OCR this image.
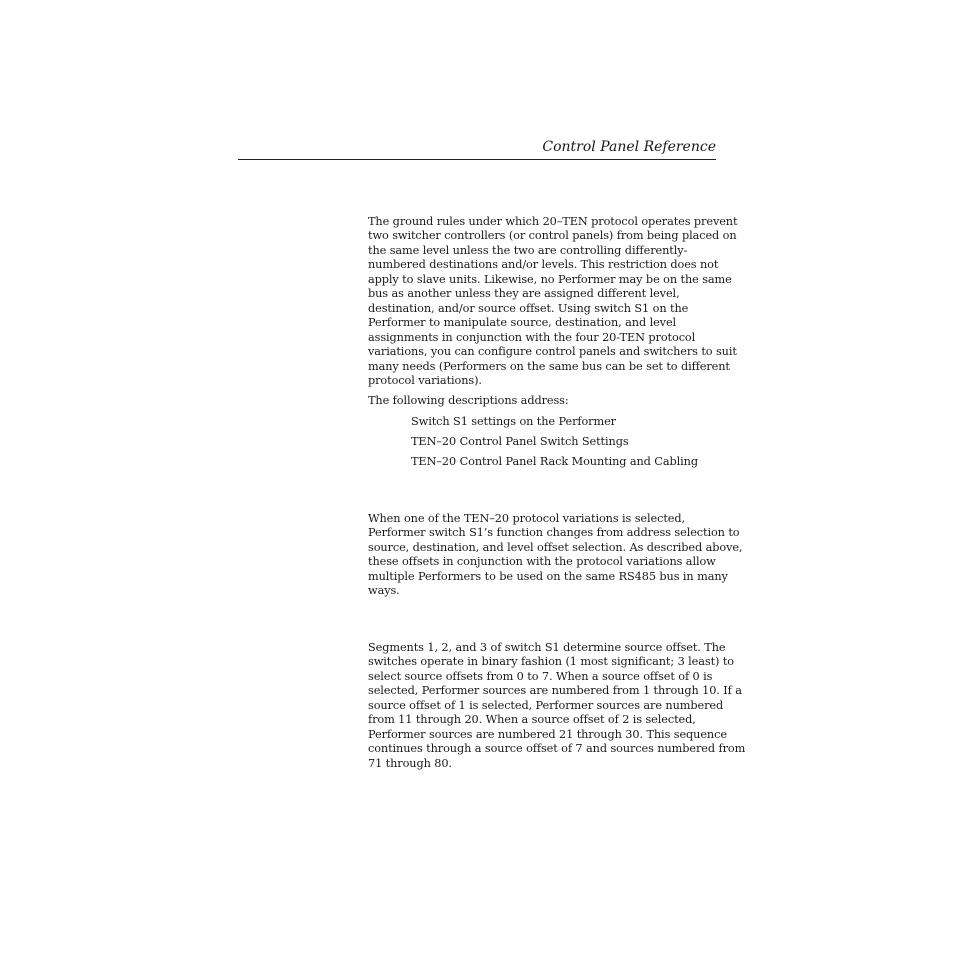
Control Panel Reference
The ground rules under which 20–TEN protocol operates prevent
two switcher controllers (or control panels) from being placed on
the same level unless the two are controlling differently-
numbered destinations and/or levels. This restriction does not
apply to slave units. Likewise, no Performer may be on the same
bus as another unless they are assigned different level,
destination, and/or source offset. Using switch S1 on the
Performer to manipulate source, destination, and level
assignments in conjunction with the four 20-TEN protocol
variations, you can configure control panels and switchers to suit
many needs (Performers on the same bus can be set to different
protocol variations).
The following descriptions address:
Switch S1 settings on the Performer
TEN–20 Control Panel Switch Settings
TEN–20 Control Panel Rack Mounting and Cabling
When one of the TEN–20 protocol variations is selected,
Performer switch S1’s function changes from address selection to
source, destination, and level offset selection. As described above,
these offsets in conjunction with the protocol variations allow
multiple Performers to be used on the same RS485 bus in many
ways.
Segments 1, 2, and 3 of switch S1 determine source offset. The
switches operate in binary fashion (1 most significant; 3 least) to
select source offsets from 0 to 7. When a source offset of 0 is
selected, Performer sources are numbered from 1 through 10. If a
source offset of 1 is selected, Performer sources are numbered
from 11 through 20. When a source offset of 2 is selected,
Performer sources are numbered 21 through 30. This sequence
continues through a source offset of 7 and sources numbered from
71 through 80.
